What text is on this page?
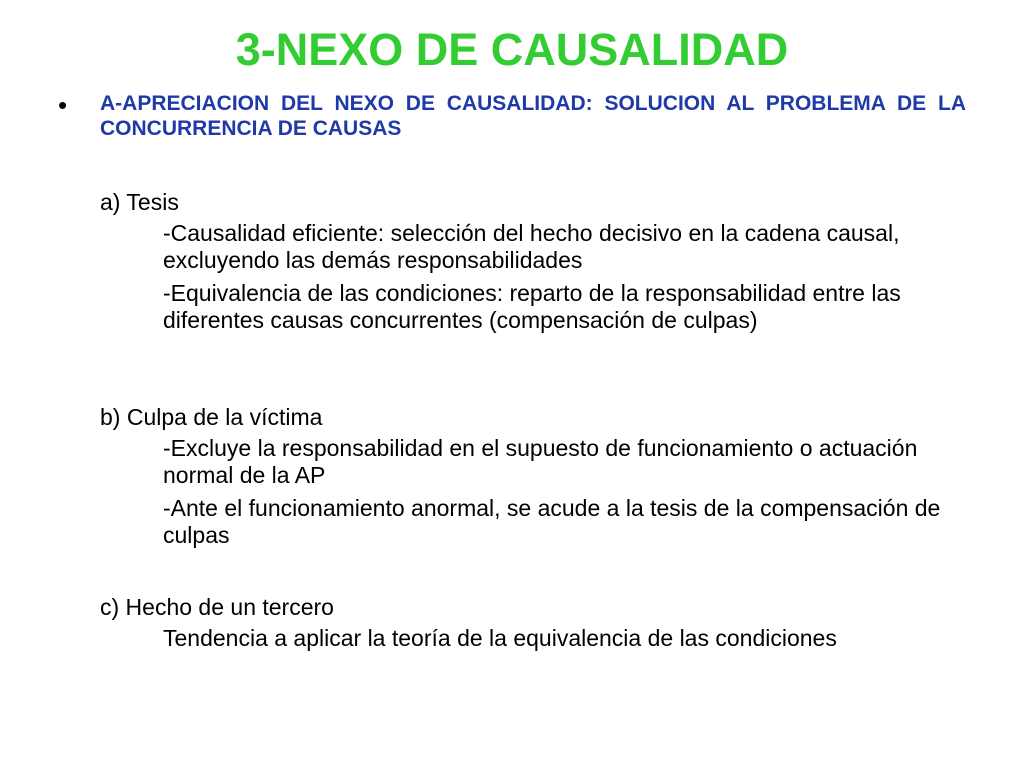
3-NEXO DE CAUSALIDAD
• A-APRECIACION DEL NEXO DE CAUSALIDAD: SOLUCION AL PROBLEMA DE LA CONCURRENCIA DE CAUSAS
a) Tesis
-Causalidad eficiente: selección del hecho decisivo en la cadena causal, excluyendo las demás responsabilidades
-Equivalencia de las condiciones: reparto de la responsabilidad entre las diferentes causas concurrentes (compensación de culpas)
b) Culpa de la víctima
-Excluye la responsabilidad en el supuesto de funcionamiento o actuación normal de la AP
-Ante el funcionamiento anormal, se acude a la tesis de la compensación de culpas
c) Hecho de un tercero
Tendencia a aplicar la teoría de la equivalencia de las condiciones
